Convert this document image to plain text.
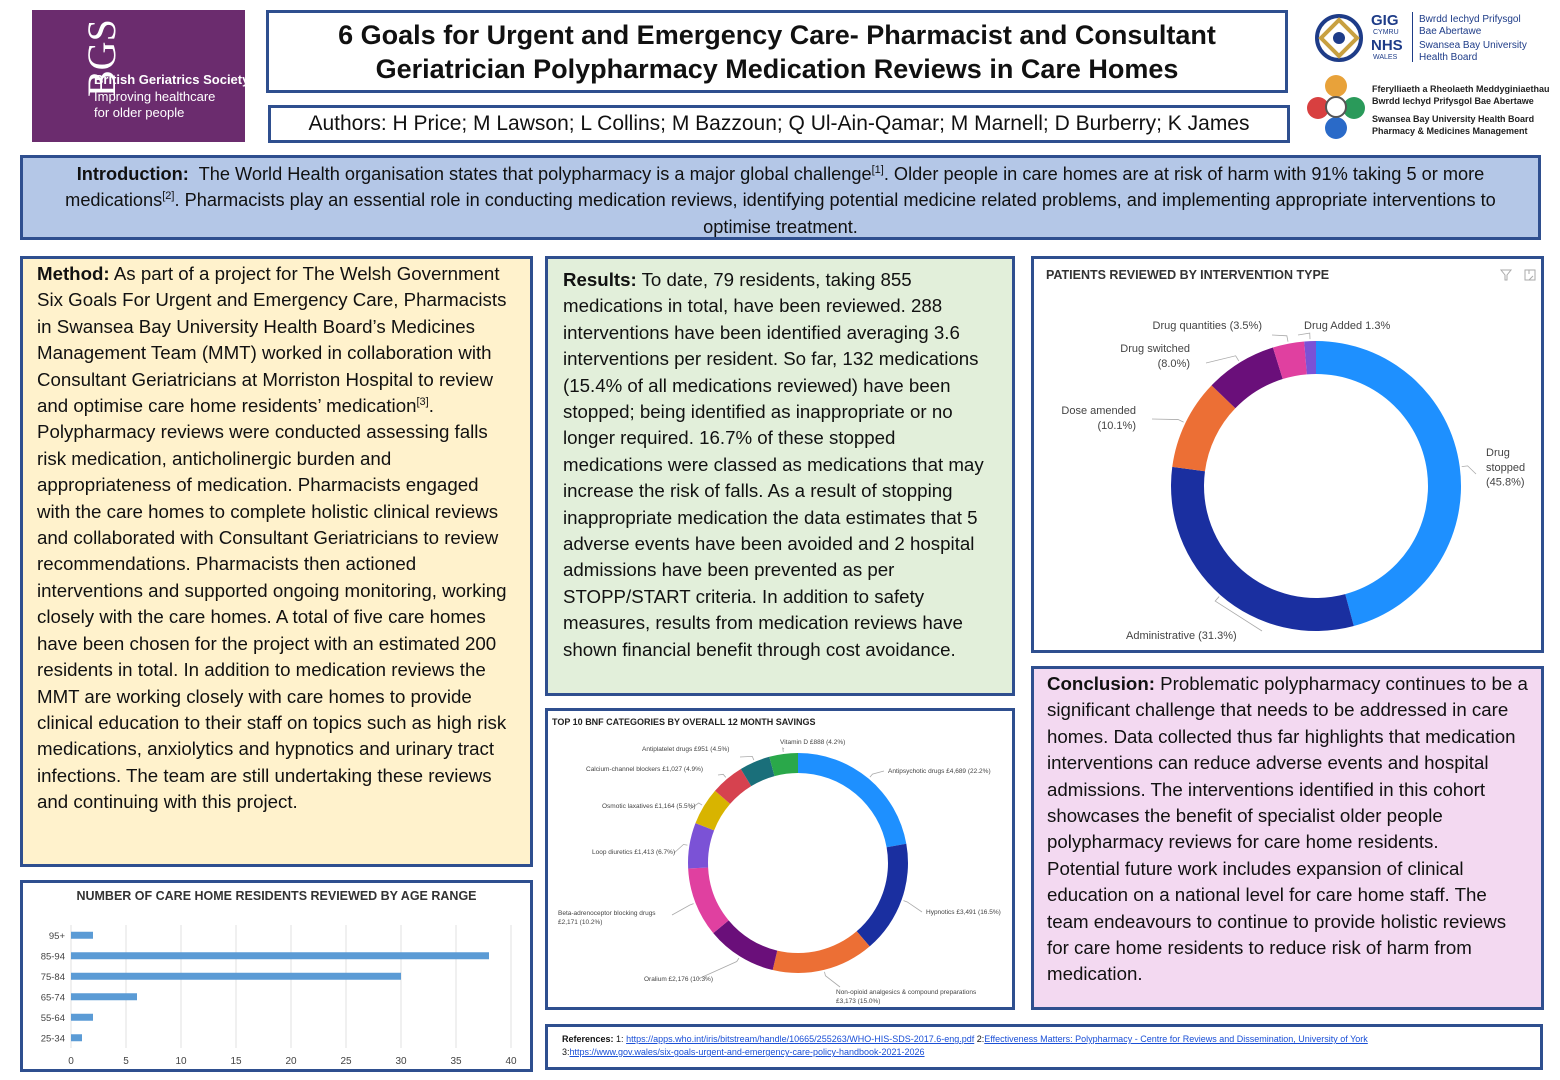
BGS
British Geriatrics Society
Improving healthcare
for older people
6 Goals for Urgent and Emergency Care- Pharmacist and Consultant
Geriatrician Polypharmacy Medication Reviews in Care Homes
Authors: H Price; M Lawson; L Collins; M Bazzoun; Q Ul-Ain-Qamar; M Marnell; D Burberry; K James
GIG
CYMRU
NHS
WALES
Bwrdd Iechyd Prifysgol
Bae Abertawe
Swansea Bay University
Health Board
Fferylliaeth a Rheolaeth Meddyginiaethau
Bwrdd Iechyd Prifysgol Bae Abertawe
Swansea Bay University Health Board
Pharmacy & Medicines Management

Introduction: The World Health organisation states that polypharmacy is a major global challenge[1]. Older people in care homes are at risk of harm with 91% taking 5 or more medications[2]. Pharmacists play an essential role in conducting medication reviews, identifying potential medicine related problems, and implementing appropriate interventions to optimise treatment.

Method: As part of a project for The Welsh Government Six Goals For Urgent and Emergency Care, Pharmacists in Swansea Bay University Health Board’s Medicines Management Team (MMT) worked in collaboration with Consultant Geriatricians at Morriston Hospital to review and optimise care home residents’ medication[3]. Polypharmacy reviews were conducted assessing falls risk medication, anticholinergic burden and appropriateness of medication. Pharmacists engaged with the care homes to complete holistic clinical reviews and collaborated with Consultant Geriatricians to review recommendations. Pharmacists then actioned interventions and supported ongoing monitoring, working closely with the care homes. A total of five care homes have been chosen for the project with an estimated 200 residents in total. In addition to medication reviews the MMT are working closely with care homes to provide clinical education to their staff on topics such as high risk medications, anxiolytics and hypnotics and urinary tract infections. The team are still undertaking these reviews and continuing with this project.

Results: To date, 79 residents, taking 855 medications in total, have been reviewed. 288 interventions have been identified averaging 3.6 interventions per resident. So far, 132 medications (15.4% of all medications reviewed) have been stopped; being identified as inappropriate or no longer required. 16.7% of these stopped medications were classed as medications that may increase the risk of falls. As a result of stopping inappropriate medication the data estimates that 5 adverse events have been avoided and 2 hospital admissions have been prevented as per STOPP/START criteria. In addition to safety measures, results from medication reviews have shown financial benefit through cost avoidance.

PATIENTS REVIEWED BY INTERVENTION TYPE
Drug stopped (45.8%)
Administrative (31.3%)
Dose amended (10.1%)
Drug switched (8.0%)
Drug quantities (3.5%)	Drug Added 1.3%

Conclusion: Problematic polypharmacy continues to be a significant challenge that needs to be addressed in care homes. Data collected thus far highlights that medication interventions can reduce adverse events and hospital admissions. The interventions identified in this cohort showcases the benefit of specialist older people polypharmacy reviews for care home residents.

Potential future work includes expansion of clinical education on a national level for care home staff. The team endeavours to continue to provide holistic reviews for care home residents to reduce risk of harm from medication.

TOP 10 BNF CATEGORIES BY OVERALL 12 MONTH SAVINGS
Antipsychotic drugs £4,689 (22.2%)
Hypnotics £3,491 (16.5%)
Non-opioid analgesics & compound preparations £3,173 (15.0%)
Oralium £2,176 (10.3%)
Beta-adrenoceptor blocking drugs £2,171 (10.2%)
Loop diuretics £1,413 (6.7%)
Osmotic laxatives £1,164 (5.5%)
Calcium-channel blockers £1,027 (4.9%)
Antiplatelet drugs £951 (4.5%)
Vitamin D £888 (4.2%)
NUMBER OF CARE HOME RESIDENTS REVIEWED BY AGE RANGE
0	5	10	15	20	25	30	35	40
95+
85-94
75-84
65-74
55-64
25-34	References: 1: https://apps.who.int/iris/bitstream/handle/10665/255263/WHO-HIS-SDS-2017.6-eng.pdf 2:Effectiveness Matters: Polypharmacy - Centre for Reviews and Dissemination, University of York
3:https://www.gov.wales/six-goals-urgent-and-emergency-care-policy-handbook-2021-2026
